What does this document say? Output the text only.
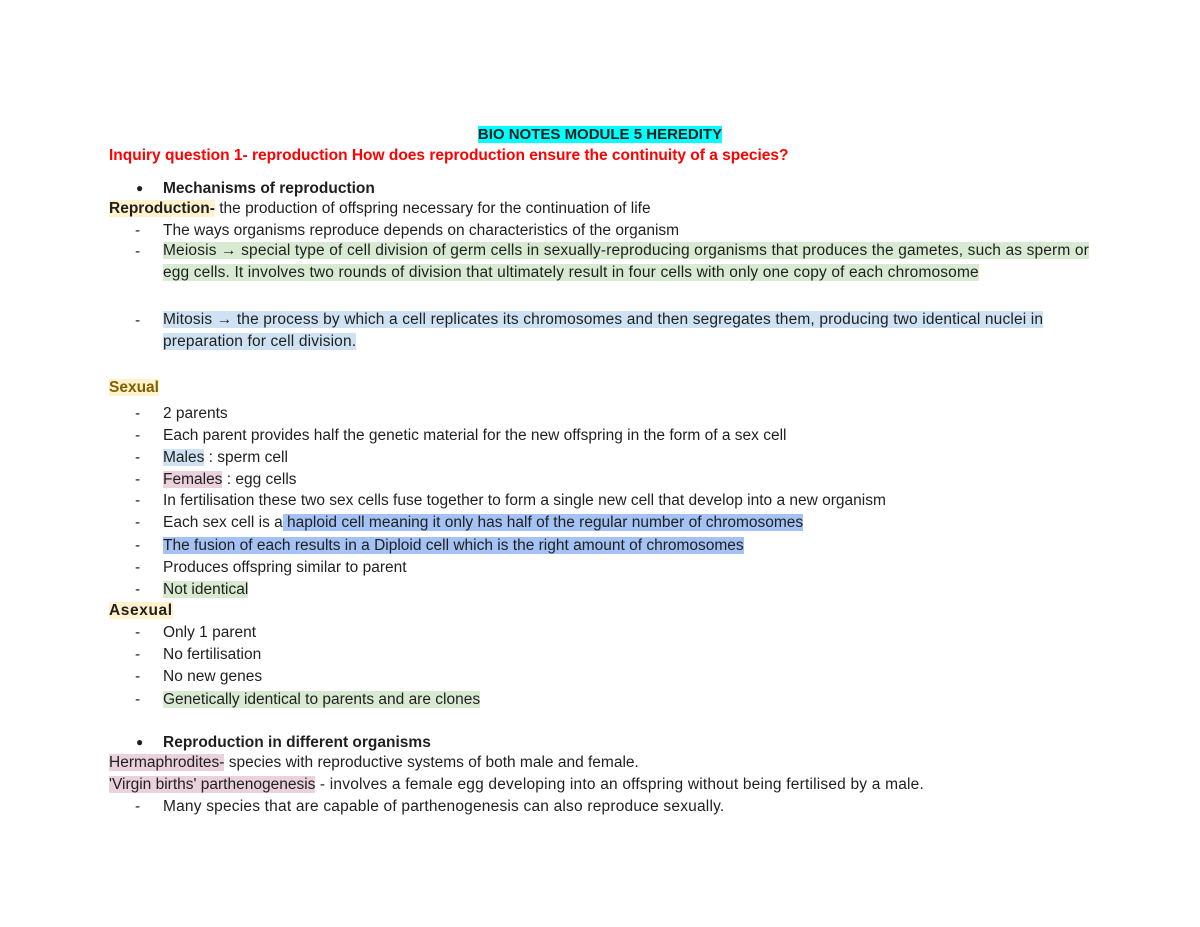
BIO NOTES MODULE 5 HEREDITY
Inquiry question 1- reproduction How does reproduction ensure the continuity of a species?
● Mechanisms of reproduction
Reproduction- the production of offspring necessary for the continuation of life
- The ways organisms reproduce depends on characteristics of the organism
- Meiosis → special type of cell division of germ cells in sexually-reproducing organisms that produces the gametes, such as sperm or egg cells. It involves two rounds of division that ultimately result in four cells with only one copy of each chromosome
- Mitosis → the process by which a cell replicates its chromosomes and then segregates them, producing two identical nuclei in preparation for cell division.
Sexual
- 2 parents
- Each parent provides half the genetic material for the new offspring in the form of a sex cell
- Males : sperm cell
- Females : egg cells
- In fertilisation these two sex cells fuse together to form a single new cell that develop into a new organism
- Each sex cell is a haploid cell meaning it only has half of the regular number of chromosomes
- The fusion of each results in a Diploid cell which is the right amount of chromosomes
- Produces offspring similar to parent
- Not identical
Asexual
- Only 1 parent
- No fertilisation
- No new genes
- Genetically identical to parents and are clones
● Reproduction in different organisms
Hermaphrodites- species with reproductive systems of both male and female.
'Virgin births' parthenogenesis - involves a female egg developing into an offspring without being fertilised by a male.
- Many species that are capable of parthenogenesis can also reproduce sexually.
